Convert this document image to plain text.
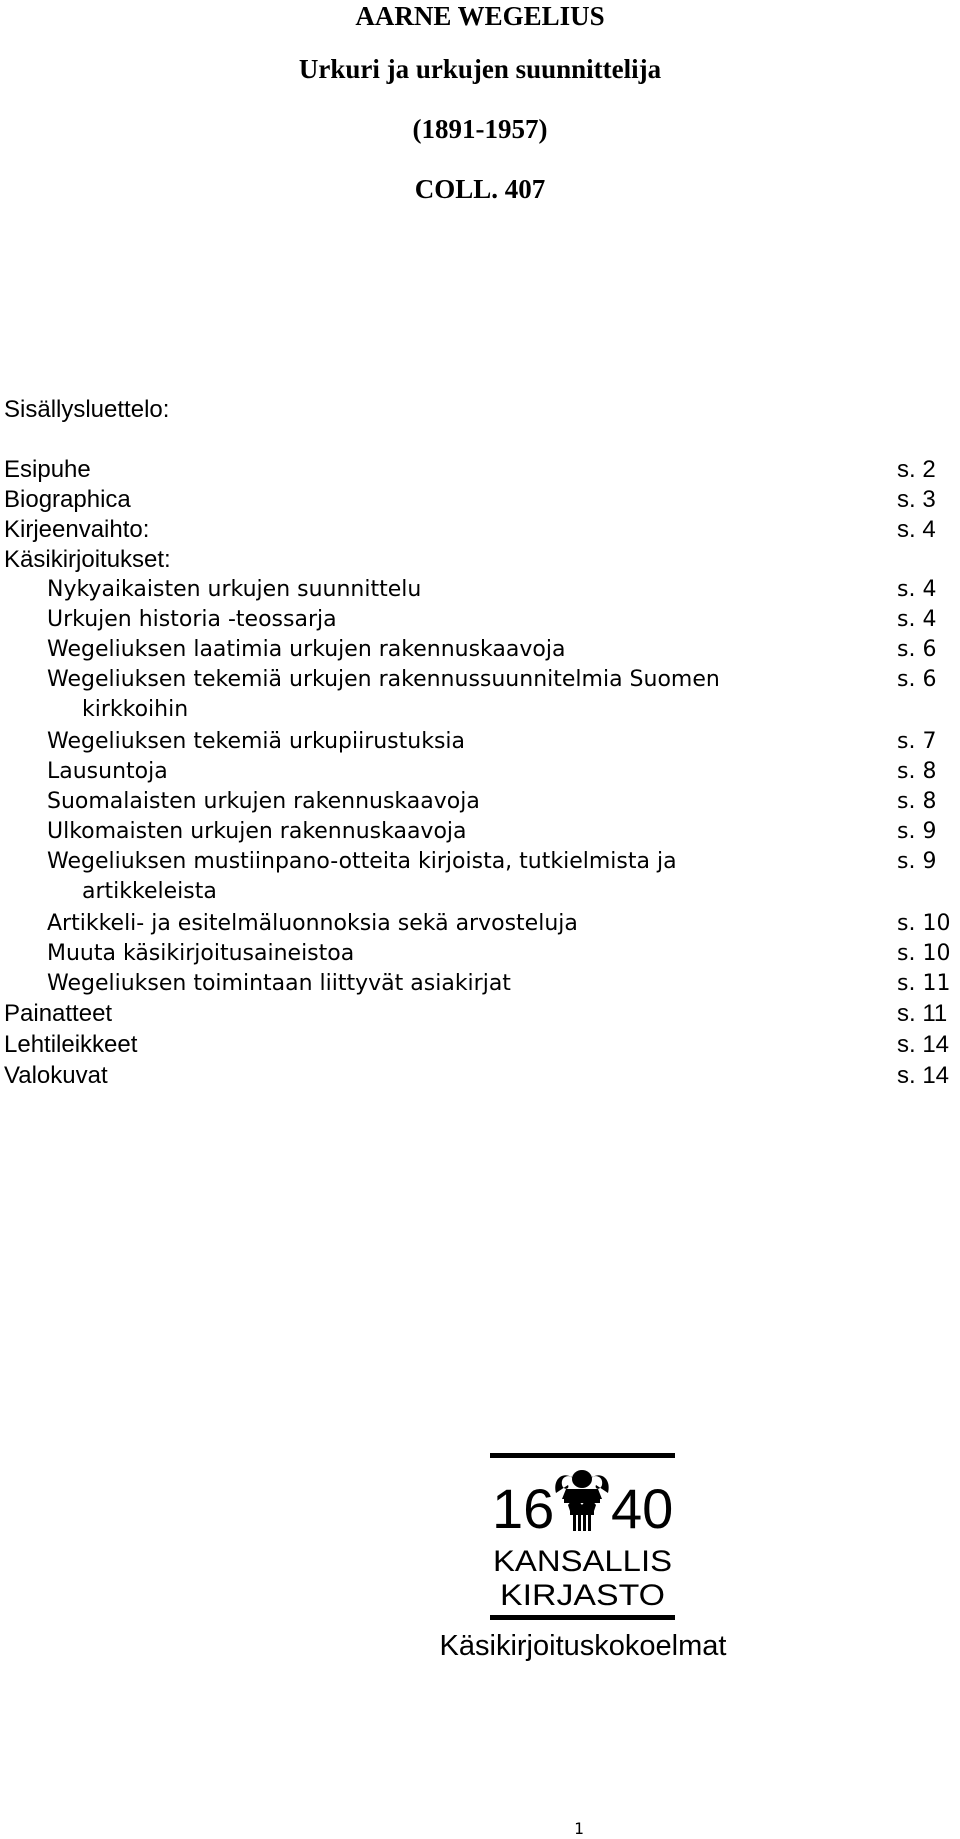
AARNE WEGELIUS
Urkuri ja urkujen suunnittelija
(1891-1957)
COLL. 407
Sisällysluettelo:
Esipuhe	s. 2
Biographica	s. 3
Kirjeenvaihto:	s. 4
Käsikirjoitukset:
Nykyaikaisten urkujen suunnittelu	s. 4
Urkujen historia -teossarja	s. 4
Wegeliuksen laatimia urkujen rakennuskaavoja	s. 6
Wegeliuksen tekemiä urkujen rakennussuunnitelmia Suomen	s. 6
kirkkoihin
Wegeliuksen tekemiä urkupiirustuksia	s. 7
Lausuntoja	s. 8
Suomalaisten urkujen rakennuskaavoja	s. 8
Ulkomaisten urkujen rakennuskaavoja	s. 9
Wegeliuksen mustiinpano-otteita kirjoista, tutkielmista ja	s. 9
artikkeleista
Artikkeli- ja esitelmäluonnoksia sekä arvosteluja	s. 10
Muuta käsikirjoitusaineistoa	s. 10
Wegeliuksen toimintaan liittyvät asiakirjat	s. 11
Painatteet	s. 11
Lehtileikkeet	s. 14
Valokuvat	s. 14
16 40
KANSALLIS
KIRJASTO
Käsikirjoituskokoelmat
1
